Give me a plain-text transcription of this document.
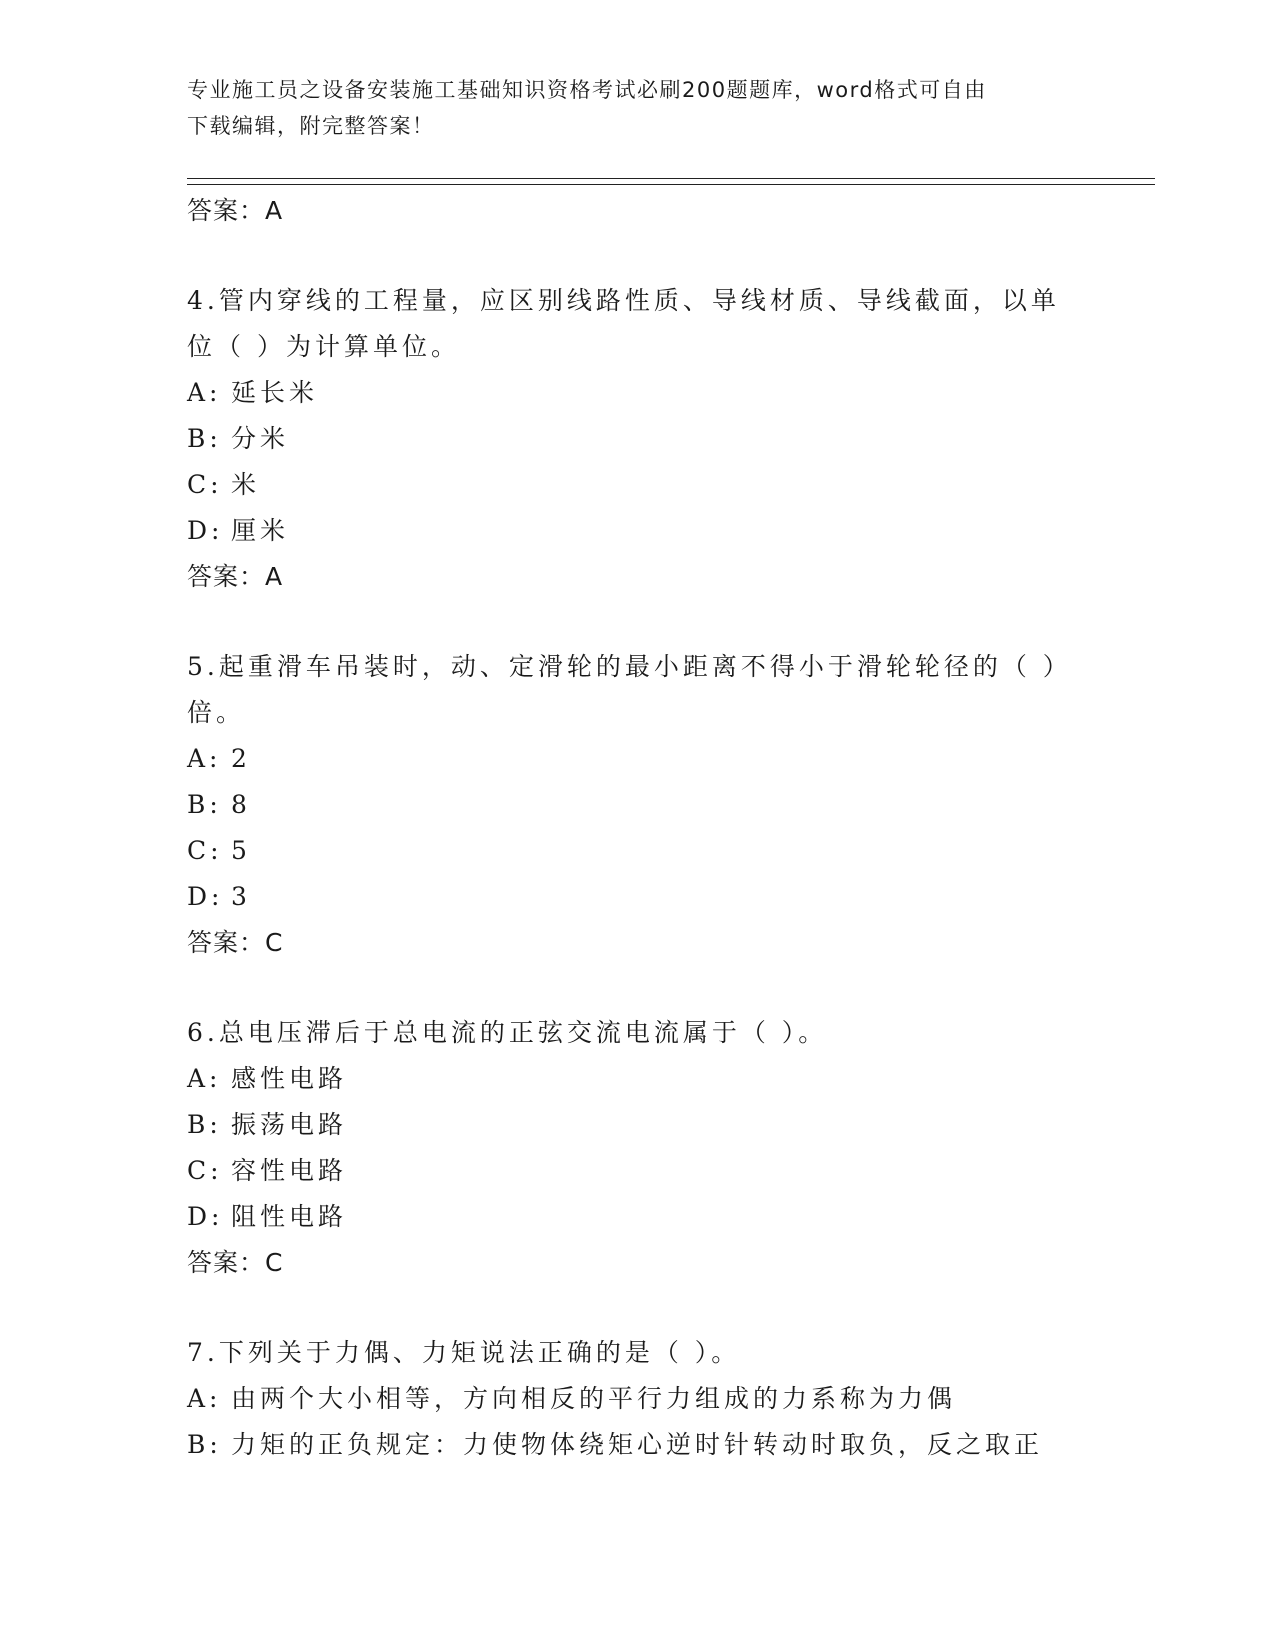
专业施工员之设备安装施工基础知识资格考试必刷200题题库，word格式可自由
下载编辑，附完整答案！
答案：A
4.管内穿线的工程量，应区别线路性质、导线材质、导线截面，以单
位（ ）为计算单位。
A: 延长米
B: 分米
C: 米
D: 厘米
答案：A
5.起重滑车吊装时，动、定滑轮的最小距离不得小于滑轮轮径的（ ）
倍。
A: 2
B: 8
C: 5
D: 3
答案：C
6.总电压滞后于总电流的正弦交流电流属于（ ）。
A: 感性电路
B: 振荡电路
C: 容性电路
D: 阻性电路
答案：C
7.下列关于力偶、力矩说法正确的是（ ）。
A: 由两个大小相等，方向相反的平行力组成的力系称为力偶
B: 力矩的正负规定：力使物体绕矩心逆时针转动时取负，反之取正
